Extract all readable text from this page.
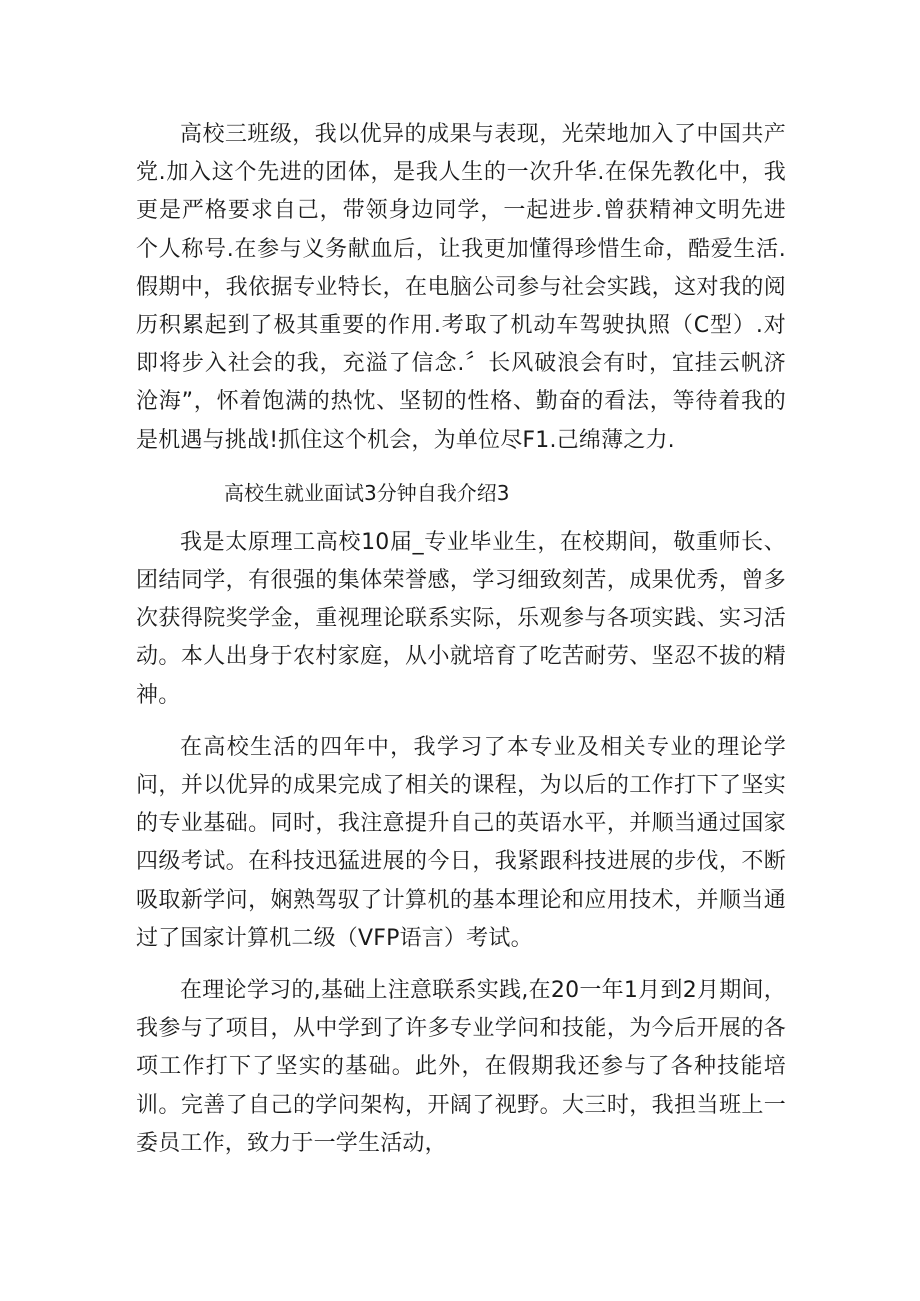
高校三班级，我以优异的成果与表现，光荣地加入了中国共产党.加入这个先进的团体，是我人生的一次升华.在保先教化中，我更是严格要求自己，带领身边同学，一起进步.曾获精神文明先进个人称号.在参与义务献血后，让我更加懂得珍惜生命，酷爱生活.假期中，我依据专业特长，在电脑公司参与社会实践，这对我的阅历积累起到了极其重要的作用.考取了机动车驾驶执照（C型）.对即将步入社会的我，充溢了信念.〞长风破浪会有时，宜挂云帆济沧海”，怀着饱满的热忱、坚韧的性格、勤奋的看法，等待着我的是机遇与挑战!抓住这个机会，为单位尽F1.己绵薄之力.

高校生就业面试3分钟自我介绍3

我是太原理工高校10届_专业毕业生，在校期间，敬重师长、团结同学，有很强的集体荣誉感，学习细致刻苦，成果优秀，曾多次获得院奖学金，重视理论联系实际，乐观参与各项实践、实习活动。本人出身于农村家庭，从小就培育了吃苦耐劳、坚忍不拔的精神。

在高校生活的四年中，我学习了本专业及相关专业的理论学问，并以优异的成果完成了相关的课程，为以后的工作打下了坚实的专业基础。同时，我注意提升自己的英语水平，并顺当通过国家四级考试。在科技迅猛进展的今日，我紧跟科技进展的步伐，不断吸取新学问，娴熟驾驭了计算机的基本理论和应用技术，并顺当通过了国家计算机二级（VFP语言）考试。

在理论学习的,基础上注意联系实践,在20一年1月到2月期间，我参与了项目，从中学到了许多专业学问和技能，为今后开展的各项工作打下了坚实的基础。此外，在假期我还参与了各种技能培训。完善了自己的学问架构，开阔了视野。大三时，我担当班上一委员工作，致力于一学生活动，
